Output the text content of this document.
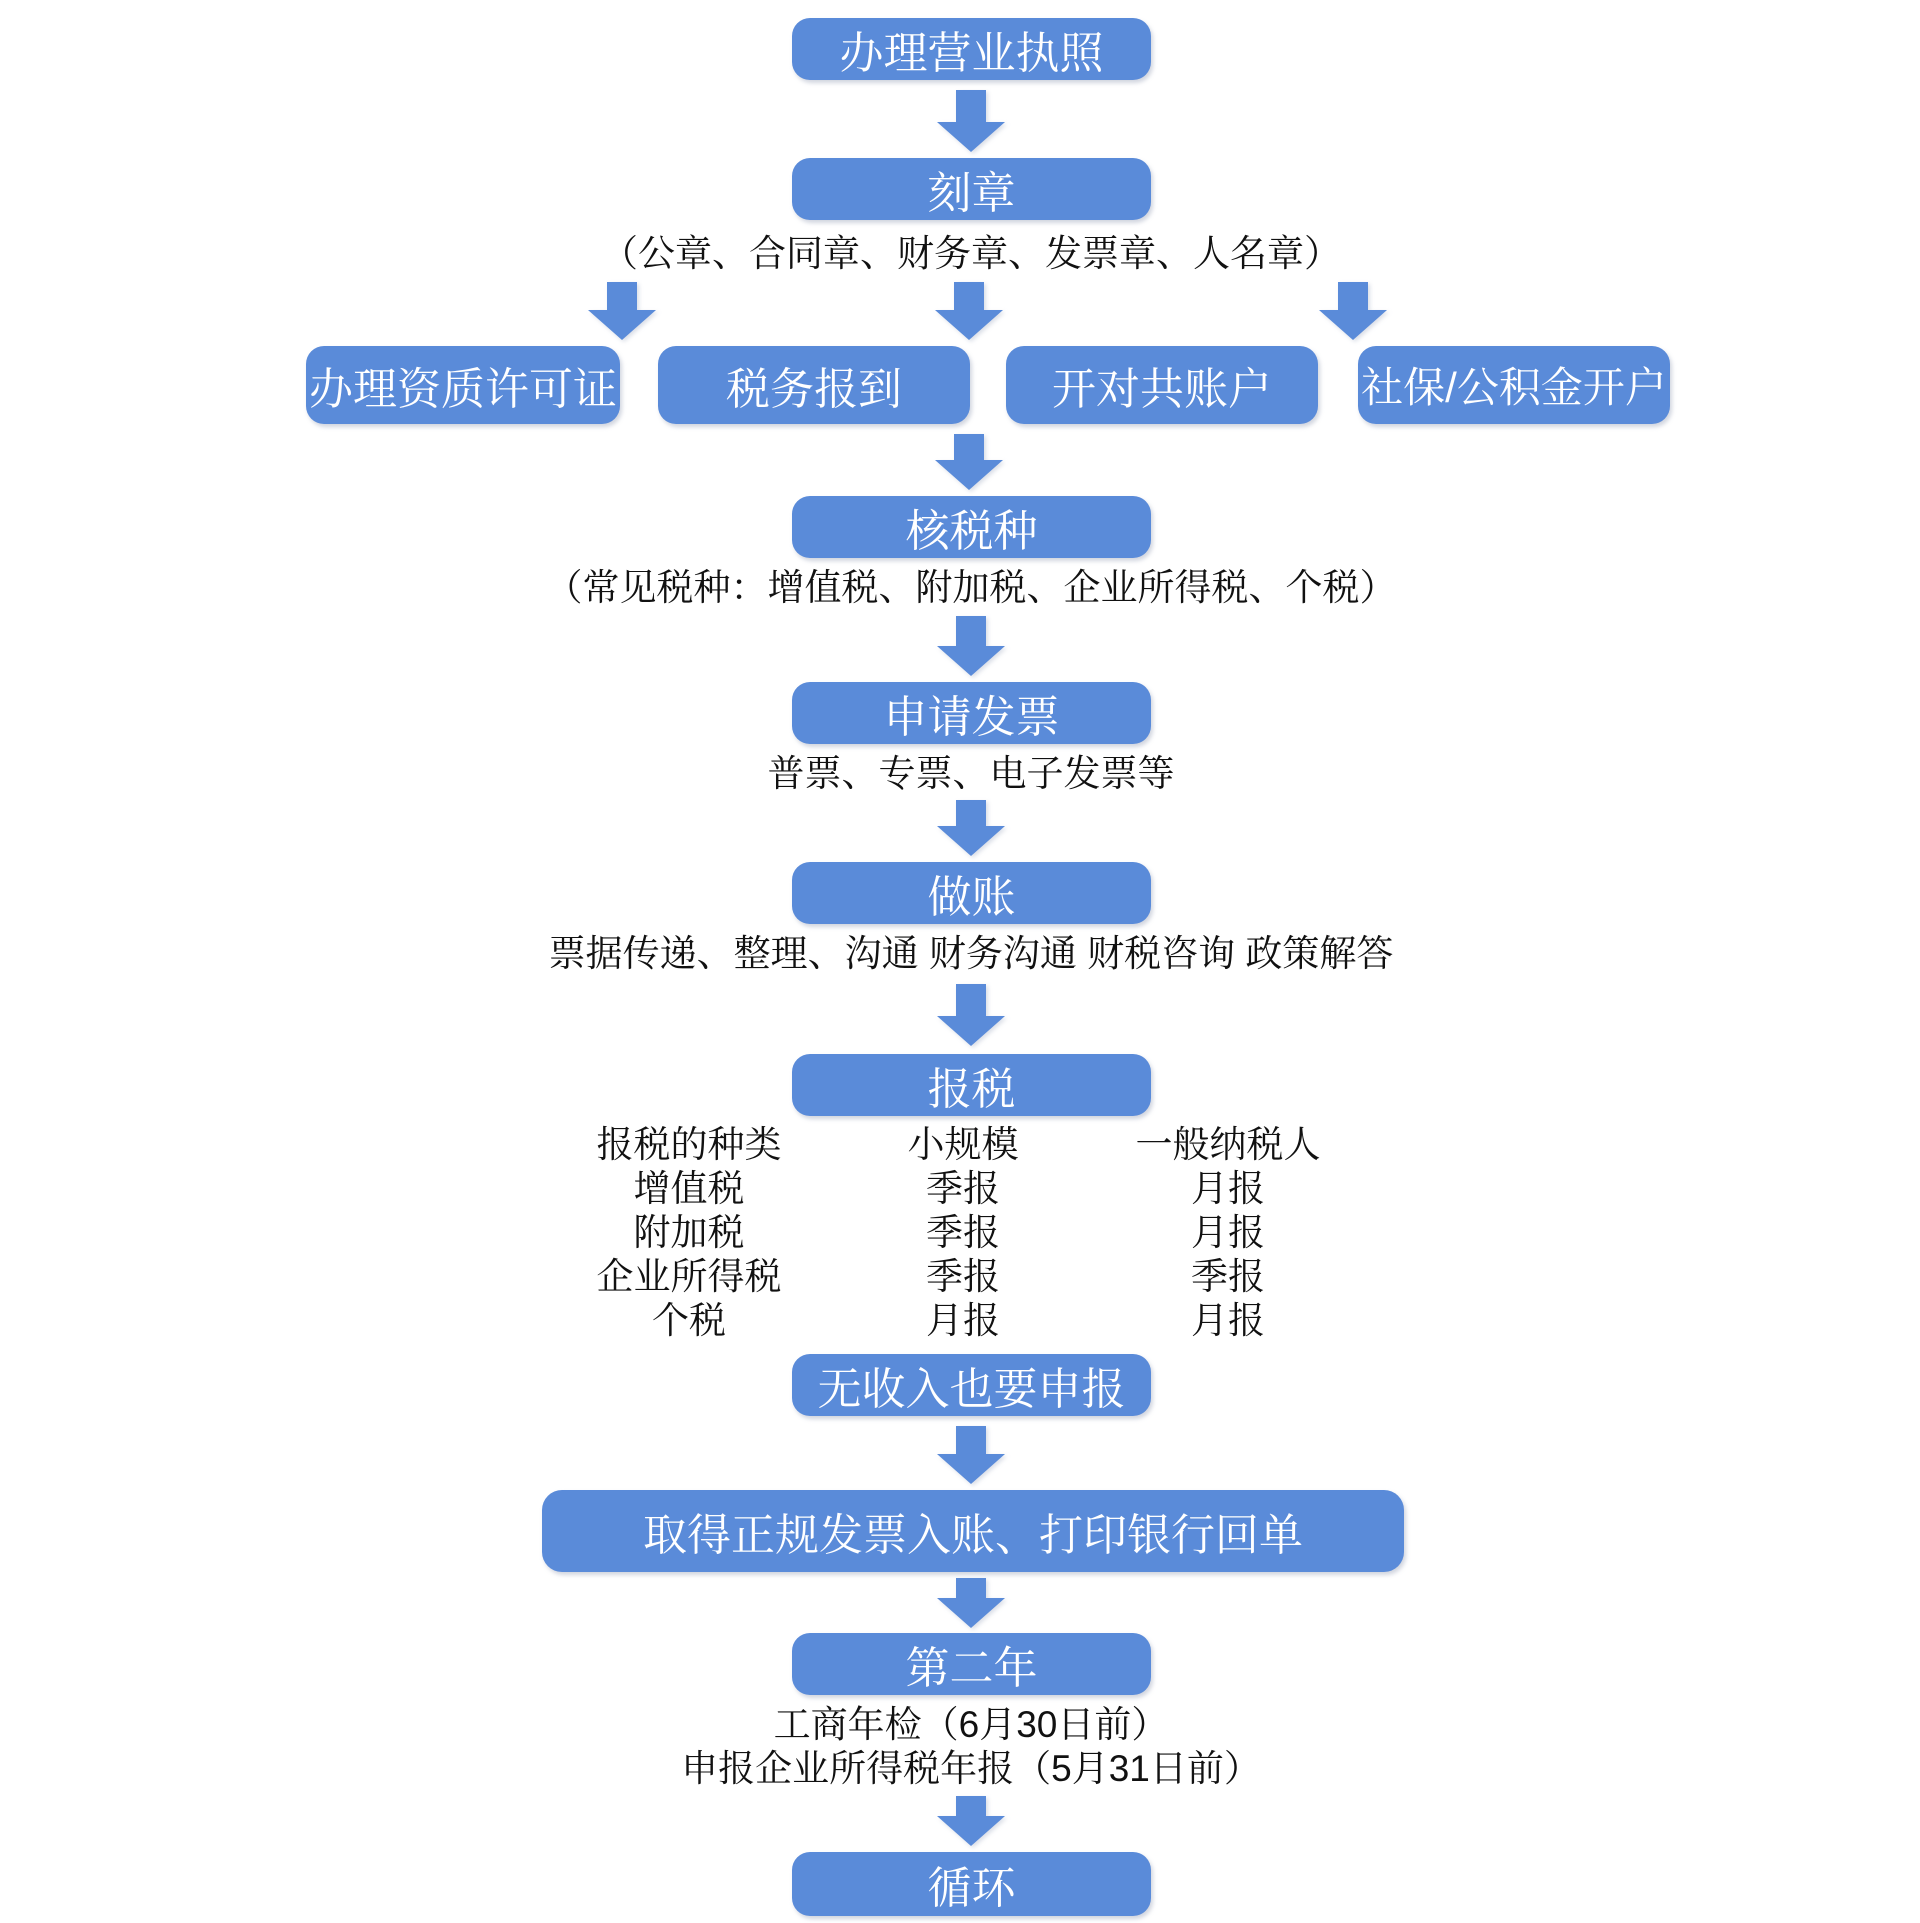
办理营业执照
刻章
（公章、合同章、财务章、发票章、人名章）
办理资质许可证	税务报到	开对共账户	社保/公积金开户
核税种
（常见税种：增值税、附加税、企业所得税、个税）
申请发票
普票、专票、电子发票等
做账
票据传递、整理、沟通 财务沟通 财税咨询 政策解答
报税
报税的种类	小规模	一般纳税人
增值税	季报	月报
附加税	季报	月报
企业所得税	季报	季报
个税	月报	月报
无收入也要申报
取得正规发票入账、打印银行回单
第二年
工商年检（6月30日前）
申报企业所得税年报（5月31日前）
循环
